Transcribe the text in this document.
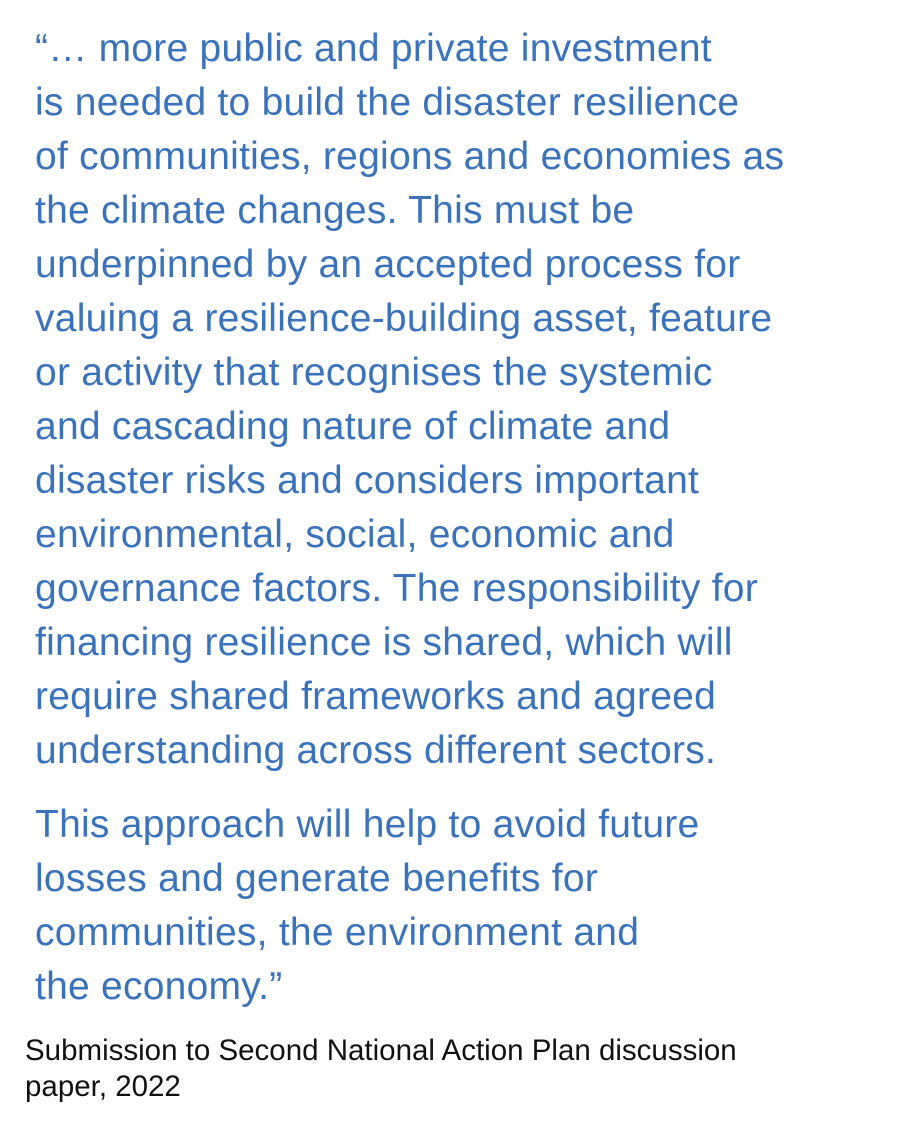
“… more public and private investment
is needed to build the disaster resilience
of communities, regions and economies as
the climate changes. This must be
underpinned by an accepted process for
valuing a resilience-building asset, feature
or activity that recognises the systemic
and cascading nature of climate and
disaster risks and considers important
environmental, social, economic and
governance factors. The responsibility for
financing resilience is shared, which will
require shared frameworks and agreed
understanding across different sectors.
This approach will help to avoid future
losses and generate benefits for
communities, the environment and
the economy.”
Submission to Second National Action Plan discussion
paper, 2022
